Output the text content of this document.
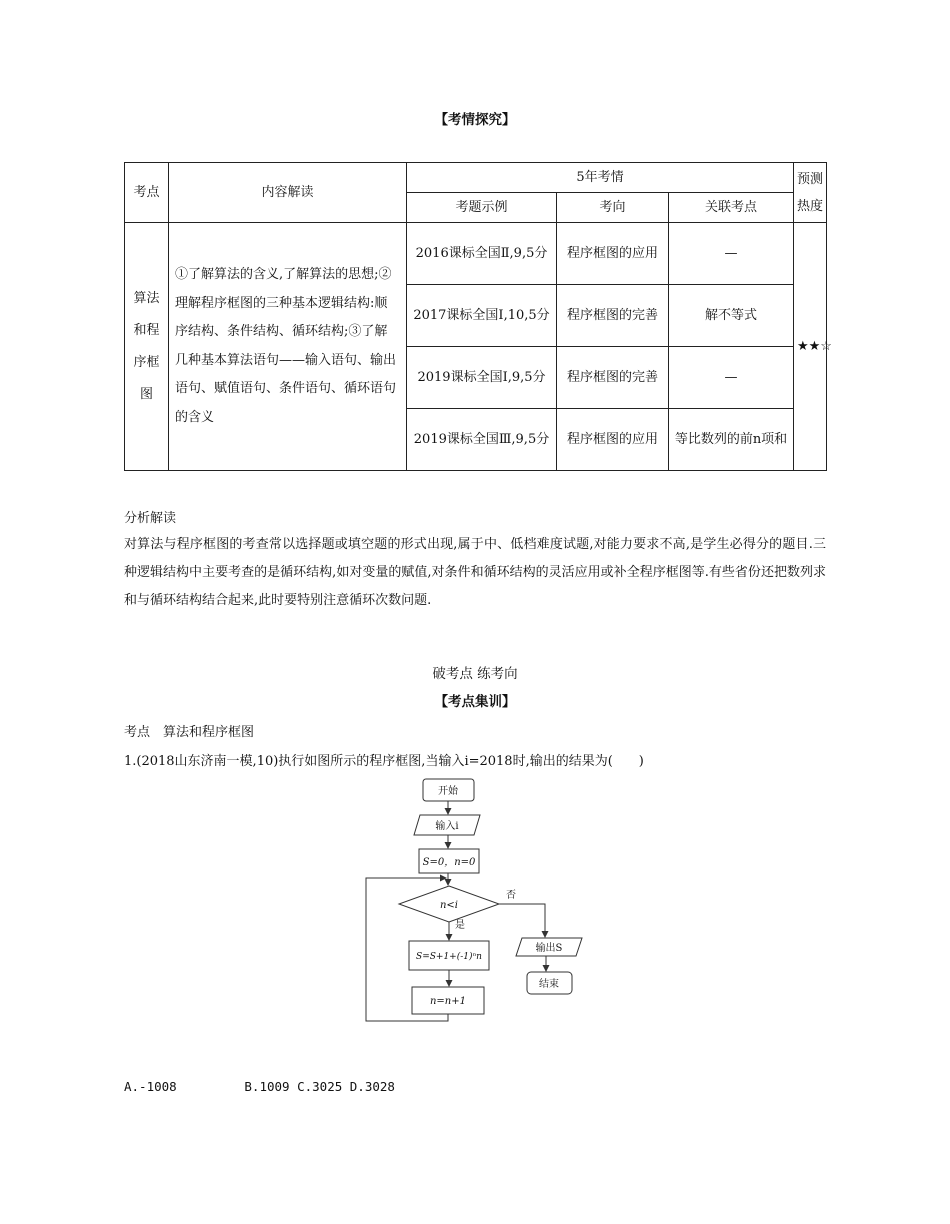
【考情探究】
考点	内容解读	5年考情			预测热度
		考题示例	考向	关联考点	
算法和程序框图	①了解算法的含义,了解算法的思想;②理解程序框图的三种基本逻辑结构:顺序结构、条件结构、循环结构;③了解几种基本算法语句——输入语句、输出语句、赋值语句、条件语句、循环语句的含义	2016课标全国Ⅱ,9,5分	程序框图的应用	—	★★☆
		2017课标全国Ⅰ,10,5分	程序框图的完善	解不等式	
		2019课标全国Ⅰ,9,5分	程序框图的完善	—	
		2019课标全国Ⅲ,9,5分	程序框图的应用	等比数列的前n项和	
分析解读
对算法与程序框图的考查常以选择题或填空题的形式出现,属于中、低档难度试题,对能力要求不高,是学生必得分的题目.三种逻辑结构中主要考查的是循环结构,如对变量的赋值,对条件和循环结构的灵活应用或补全程序框图等.有些省份还把数列求和与循环结构结合起来,此时要特别注意循环次数问题.
破考点 练考向
【考点集训】
考点　算法和程序框图
1.(2018山东济南一模,10)执行如图所示的程序框图,当输入i=2018时,输出的结果为(　　)
开始
输入i
S=0，n=0
n<i
是
否
S=S+1+(-1)ⁿn
n=n+1
输出S
结束
A.-1008         B.1009 C.3025 D.3028
